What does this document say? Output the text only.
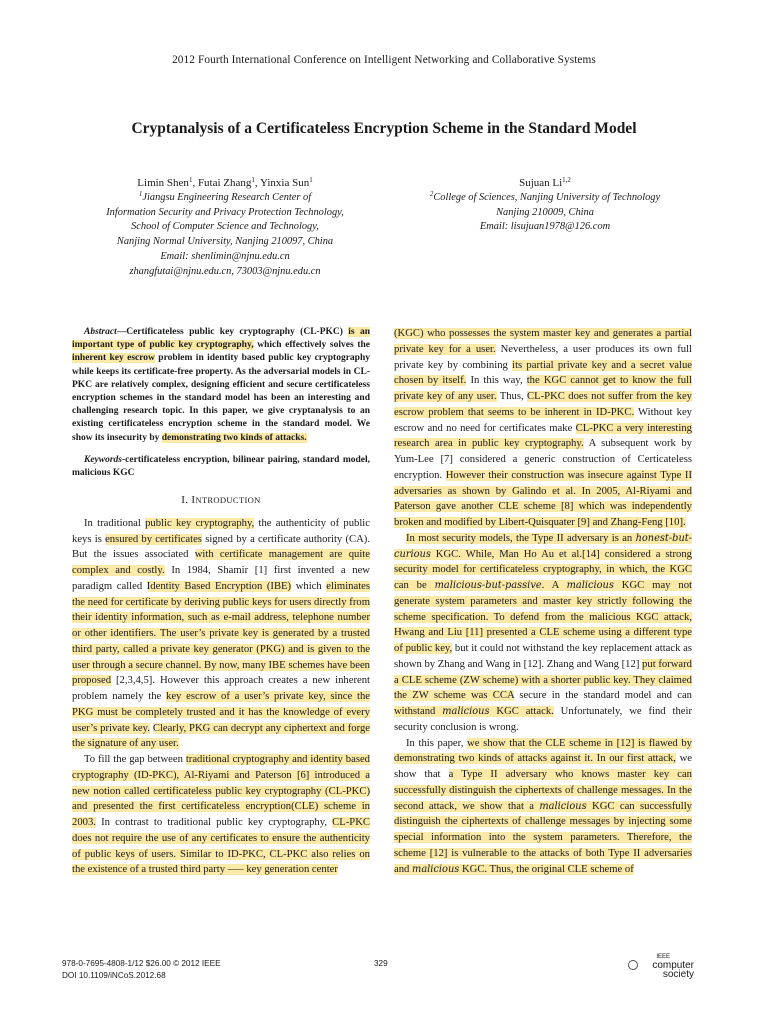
2012 Fourth International Conference on Intelligent Networking and Collaborative Systems
Cryptanalysis of a Certificateless Encryption Scheme in the Standard Model
Limin Shen$^1$, Futai Zhang$^1$, Yinxia Sun$^1$
$^1$Jiangsu Engineering Research Center of
Information Security and Privacy Protection Technology,
School of Computer Science and Technology,
Nanjing Normal University, Nanjing 210097, China
Email: shenlimin@njnu.edu.cn
zhangfutai@njnu.edu.cn, 73003@njnu.edu.cn
Sujuan Li$^{1,2}$
$^2$College of Sciences, Nanjing University of Technology
Nanjing 210009, China
Email: lisujuan1978@126.com

Abstract—Certificateless public key cryptography (CL-PKC) is an important type of public key cryptography, which effectively solves the inherent key escrow problem in identity based public key cryptography while keeps its certificate-free property. As the adversarial models in CL-PKC are relatively complex, designing efficient and secure certificateless encryption schemes in the standard model has been an interesting and challenging research topic. In this paper, we give cryptanalysis to an existing certificateless encryption scheme in the standard model. We show its insecurity by demonstrating two kinds of attacks.

Keywords-certificateless encryption, bilinear pairing, standard model, malicious KGC

I. INTRODUCTION

In traditional public key cryptography, the authenticity of public keys is ensured by certificates signed by a certificate authority (CA). But the issues associated with certificate management are quite complex and costly. In 1984, Shamir [1] first invented a new paradigm called Identity Based Encryption (IBE) which eliminates the need for certificate by deriving public keys for users directly from their identity information, such as e-mail address, telephone number or other identifiers. The user’s private key is generated by a trusted third party, called a private key generator (PKG) and is given to the user through a secure channel. By now, many IBE schemes have been proposed [2,3,4,5]. However this approach creates a new inherent problem namely the key escrow of a user’s private key, since the PKG must be completely trusted and it has the knowledge of every user’s private key. Clearly, PKG can decrypt any ciphertext and forge the signature of any user.

To fill the gap between traditional cryptography and identity based cryptography (ID-PKC), Al-Riyami and Paterson [6] introduced a new notion called certificateless public key cryptography (CL-PKC) and presented the first certificateless encryption(CLE) scheme in 2003. In contrast to traditional public key cryptography, CL-PKC does not require the use of any certificates to ensure the authenticity of public keys of users. Similar to ID-PKC, CL-PKC also relies on the existence of a trusted third party —– key generation center

(KGC) who possesses the system master key and generates a partial private key for a user. Nevertheless, a user produces its own full private key by combining its partial private key and a secret value chosen by itself. In this way, the KGC cannot get to know the full private key of any user. Thus, CL-PKC does not suffer from the key escrow problem that seems to be inherent in ID-PKC. Without key escrow and no need for certificates make CL-PKC a very interesting research area in public key cryptography. A subsequent work by Yum-Lee [7] considered a generic construction of Certicateless encryption. However their construction was insecure against Type II adversaries as shown by Galindo et al. In 2005, Al-Riyami and Paterson gave another CLE scheme [8] which was independently broken and modified by Libert-Quisquater [9] and Zhang-Feng [10].

In most security models, the Type II adversary is an honest-but-curious KGC. While, Man Ho Au et al.[14] considered a strong security model for certificateless cryptography, in which, the KGC can be malicious-but-passive. A malicious KGC may not generate system parameters and master key strictly following the scheme specification. To defend from the malicious KGC attack, Hwang and Liu [11] presented a CLE scheme using a different type of public key, but it could not withstand the key replacement attack as shown by Zhang and Wang in [12]. Zhang and Wang [12] put forward a CLE scheme (ZW scheme) with a shorter public key. They claimed the ZW scheme was CCA secure in the standard model and can withstand malicious KGC attack. Unfortunately, we find their security conclusion is wrong.

In this paper, we show that the CLE scheme in [12] is flawed by demonstrating two kinds of attacks against it. In our first attack, we show that a Type II adversary who knows master key can successfully distinguish the ciphertexts of challenge messages. In the second attack, we show that a malicious KGC can successfully distinguish the ciphertexts of challenge messages by injecting some special information into the system parameters. Therefore, the scheme [12] is vulnerable to the attacks of both Type II adversaries and malicious KGC. Thus, the original CLE scheme of

978-0-7695-4808-1/12 $26.00 © 2012 IEEE
DOI 10.1109/iNCoS.2012.68
329
IEEE
computer
society
